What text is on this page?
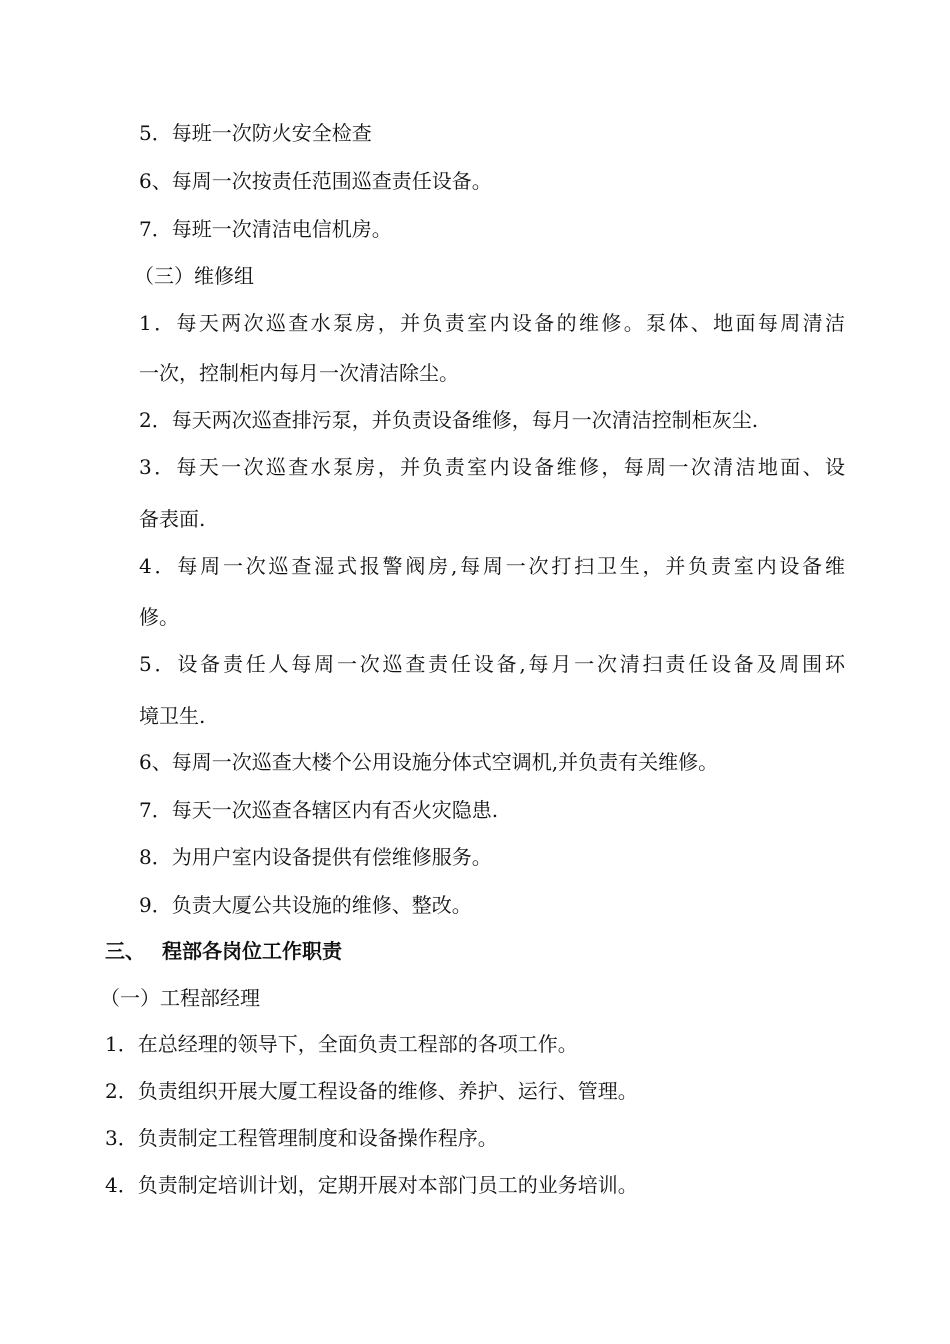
5．每班一次防火安全检查
6、每周一次按责任范围巡查责任设备。
7．每班一次清洁电信机房。
（三）维修组
1．每天两次巡查水泵房，并负责室内设备的维修。泵体、地面每周清洁
一次，控制柜内每月一次清洁除尘。
2．每天两次巡查排污泵，并负责设备维修，每月一次清洁控制柜灰尘.
3．每天一次巡查水泵房，并负责室内设备维修，每周一次清洁地面、设
备表面.
4．每周一次巡查湿式报警阀房,每周一次打扫卫生，并负责室内设备维
修。
5．设备责任人每周一次巡查责任设备,每月一次清扫责任设备及周围环
境卫生.
6、每周一次巡查大楼个公用设施分体式空调机,并负责有关维修。
7．每天一次巡查各辖区内有否火灾隐患.
8．为用户室内设备提供有偿维修服务。
9．负责大厦公共设施的维修、整改。
三、 程部各岗位工作职责
（一）工程部经理
1．在总经理的领导下，全面负责工程部的各项工作。
2．负责组织开展大厦工程设备的维修、养护、运行、管理。
3．负责制定工程管理制度和设备操作程序。
4．负责制定培训计划，定期开展对本部门员工的业务培训。
